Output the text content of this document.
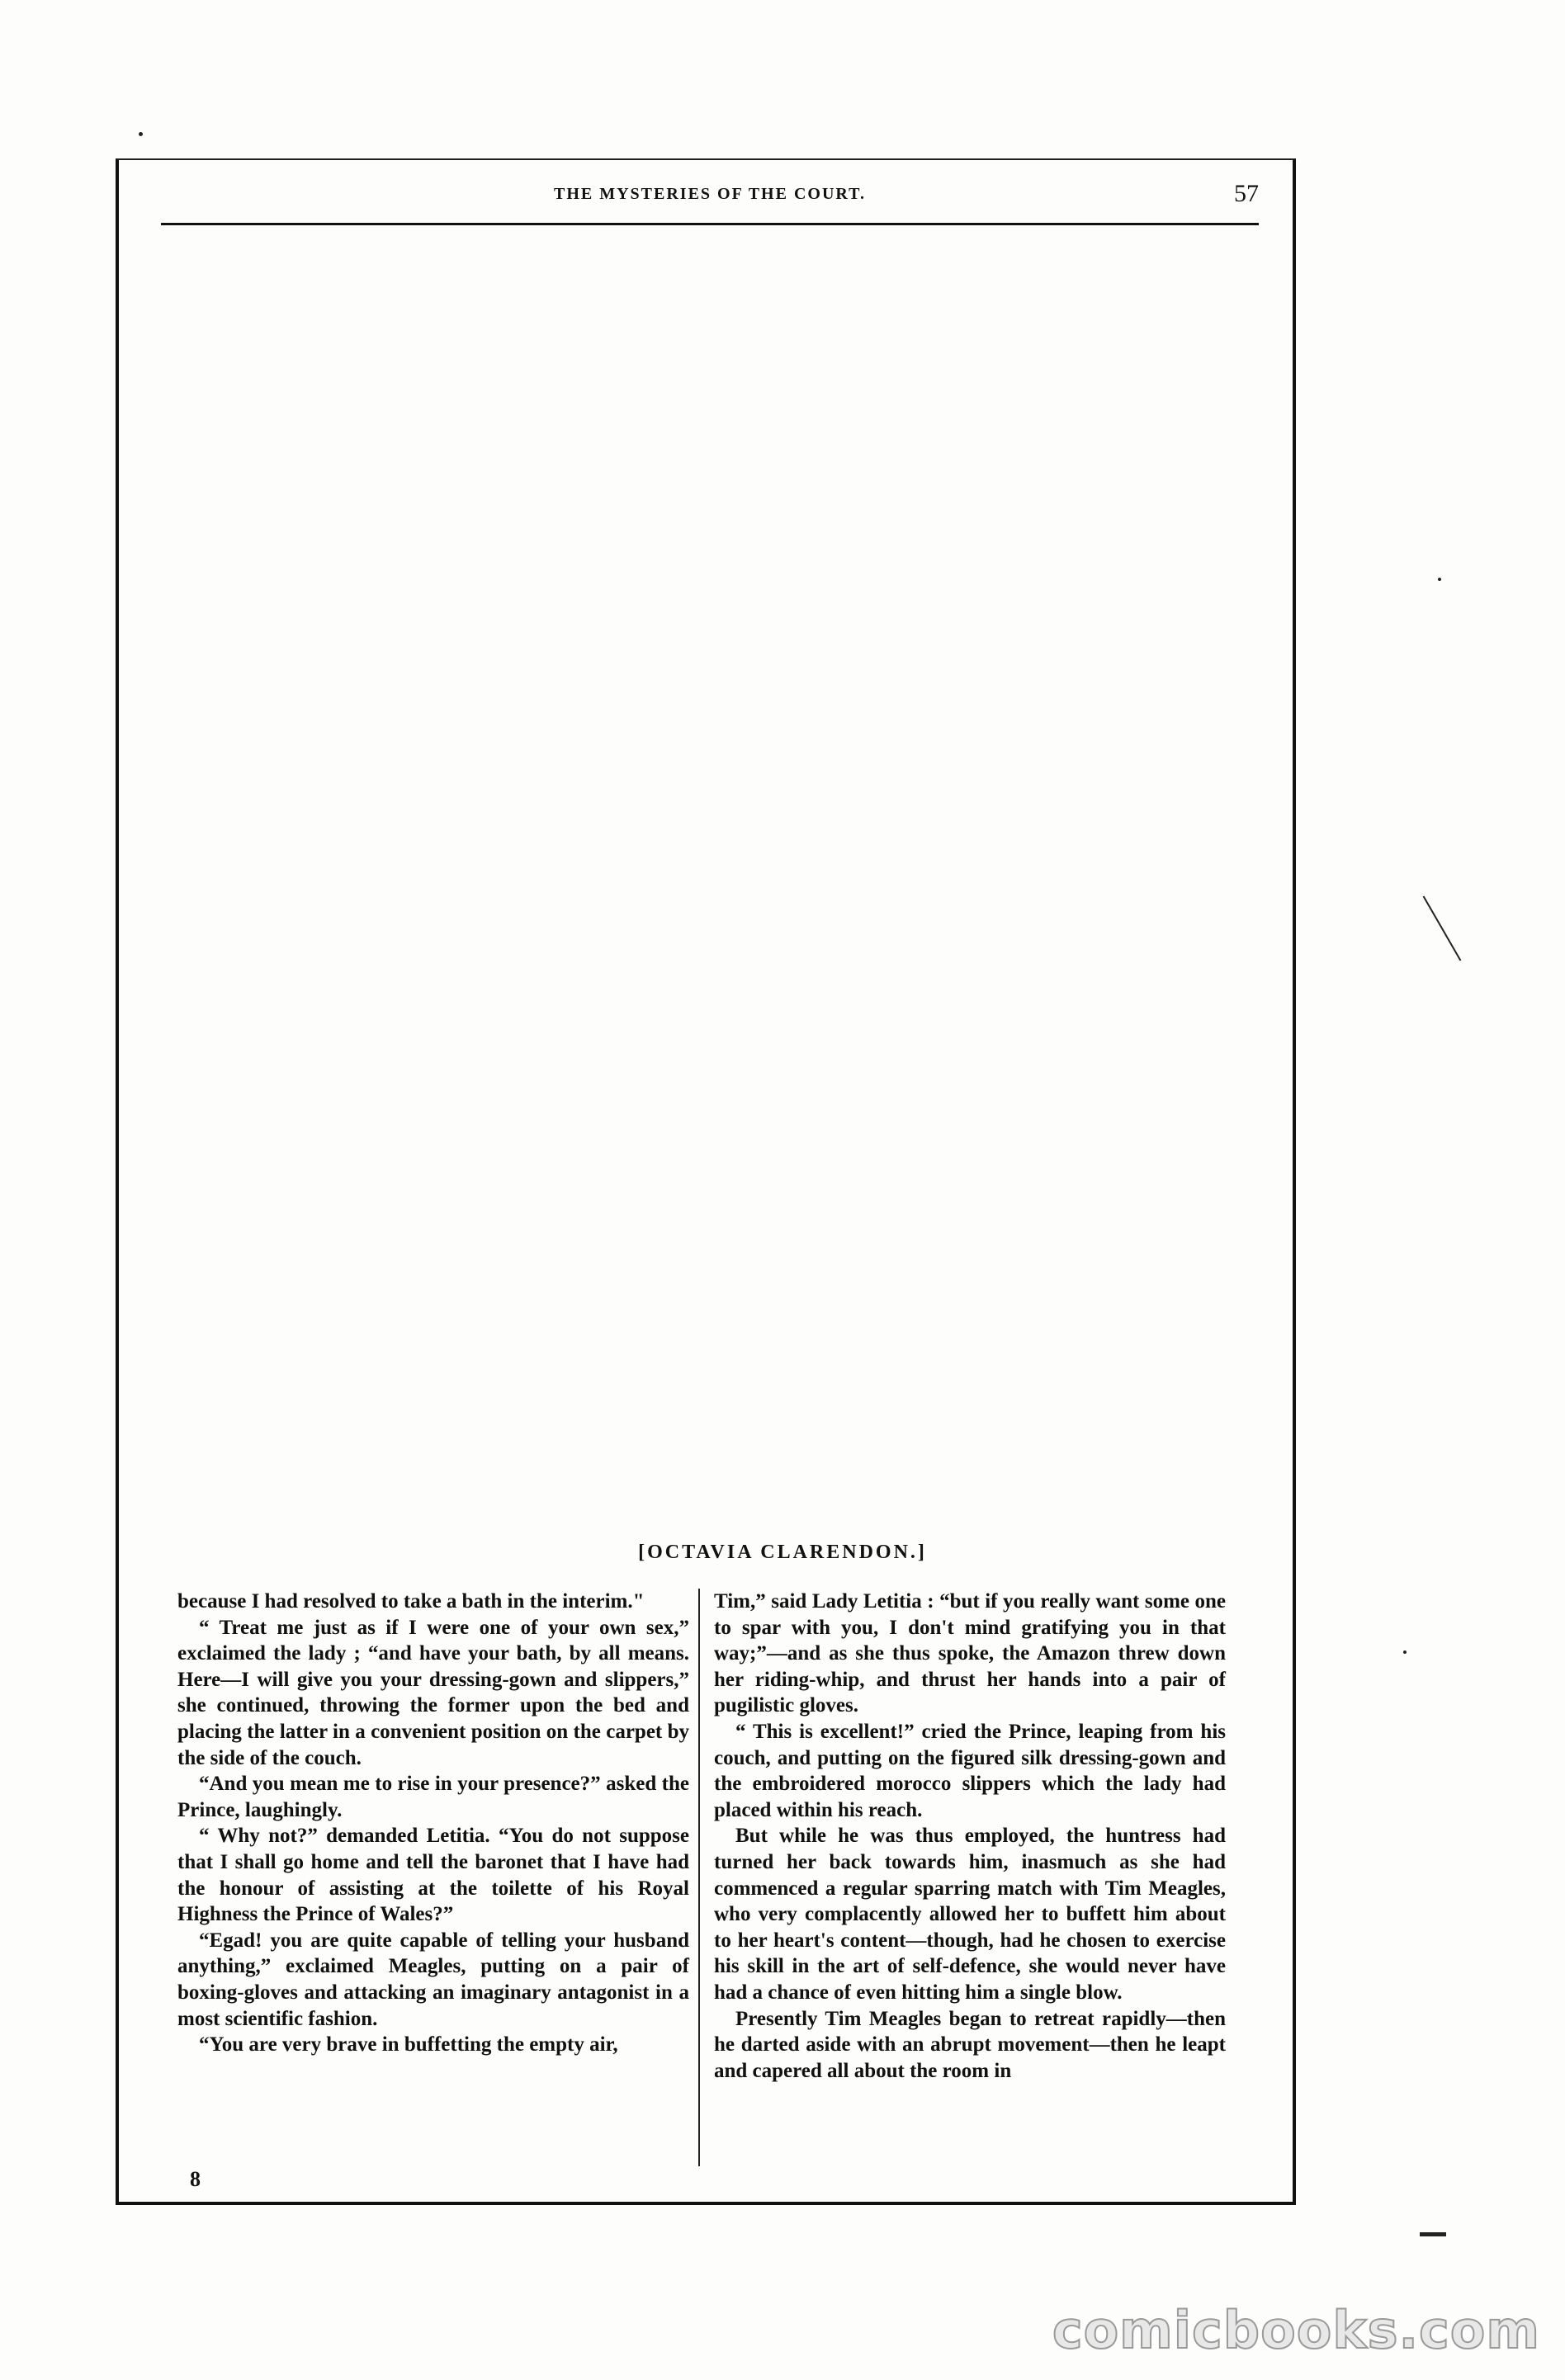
THE MYSTERIES OF THE COURT.	57
[OCTAVIA CLARENDON.]

because I had resolved to take a bath in the interim."

“ Treat me just as if I were one of your own sex,” exclaimed the lady ; “and have your bath, by all means. Here—I will give you your dressing-gown and slippers,” she continued, throwing the former upon the bed and placing the latter in a convenient position on the carpet by the side of the couch.

“And you mean me to rise in your presence?” asked the Prince, laughingly.

“ Why not?” demanded Letitia. “You do not suppose that I shall go home and tell the baronet that I have had the honour of assisting at the toilette of his Royal Highness the Prince of Wales?”

“Egad! you are quite capable of telling your husband anything,” exclaimed Meagles, putting on a pair of boxing-gloves and attacking an imaginary antagonist in a most scientific fashion.

“You are very brave in buffetting the empty air,

Tim,” said Lady Letitia : “but if you really want some one to spar with you, I don't mind gratifying you in that way;”—and as she thus spoke, the Amazon threw down her riding-whip, and thrust her hands into a pair of pugilistic gloves.

“ This is excellent!” cried the Prince, leaping from his couch, and putting on the figured silk dressing-gown and the embroidered morocco slippers which the lady had placed within his reach.

But while he was thus employed, the huntress had turned her back towards him, inasmuch as she had commenced a regular sparring match with Tim Meagles, who very complacently allowed her to buffett him about to her heart's content—though, had he chosen to exercise his skill in the art of self-defence, she would never have had a chance of even hitting him a single blow.

Presently Tim Meagles began to retreat rapidly—then he darted aside with an abrupt movement—then he leapt and capered all about the room in

8
comicbooks.com
